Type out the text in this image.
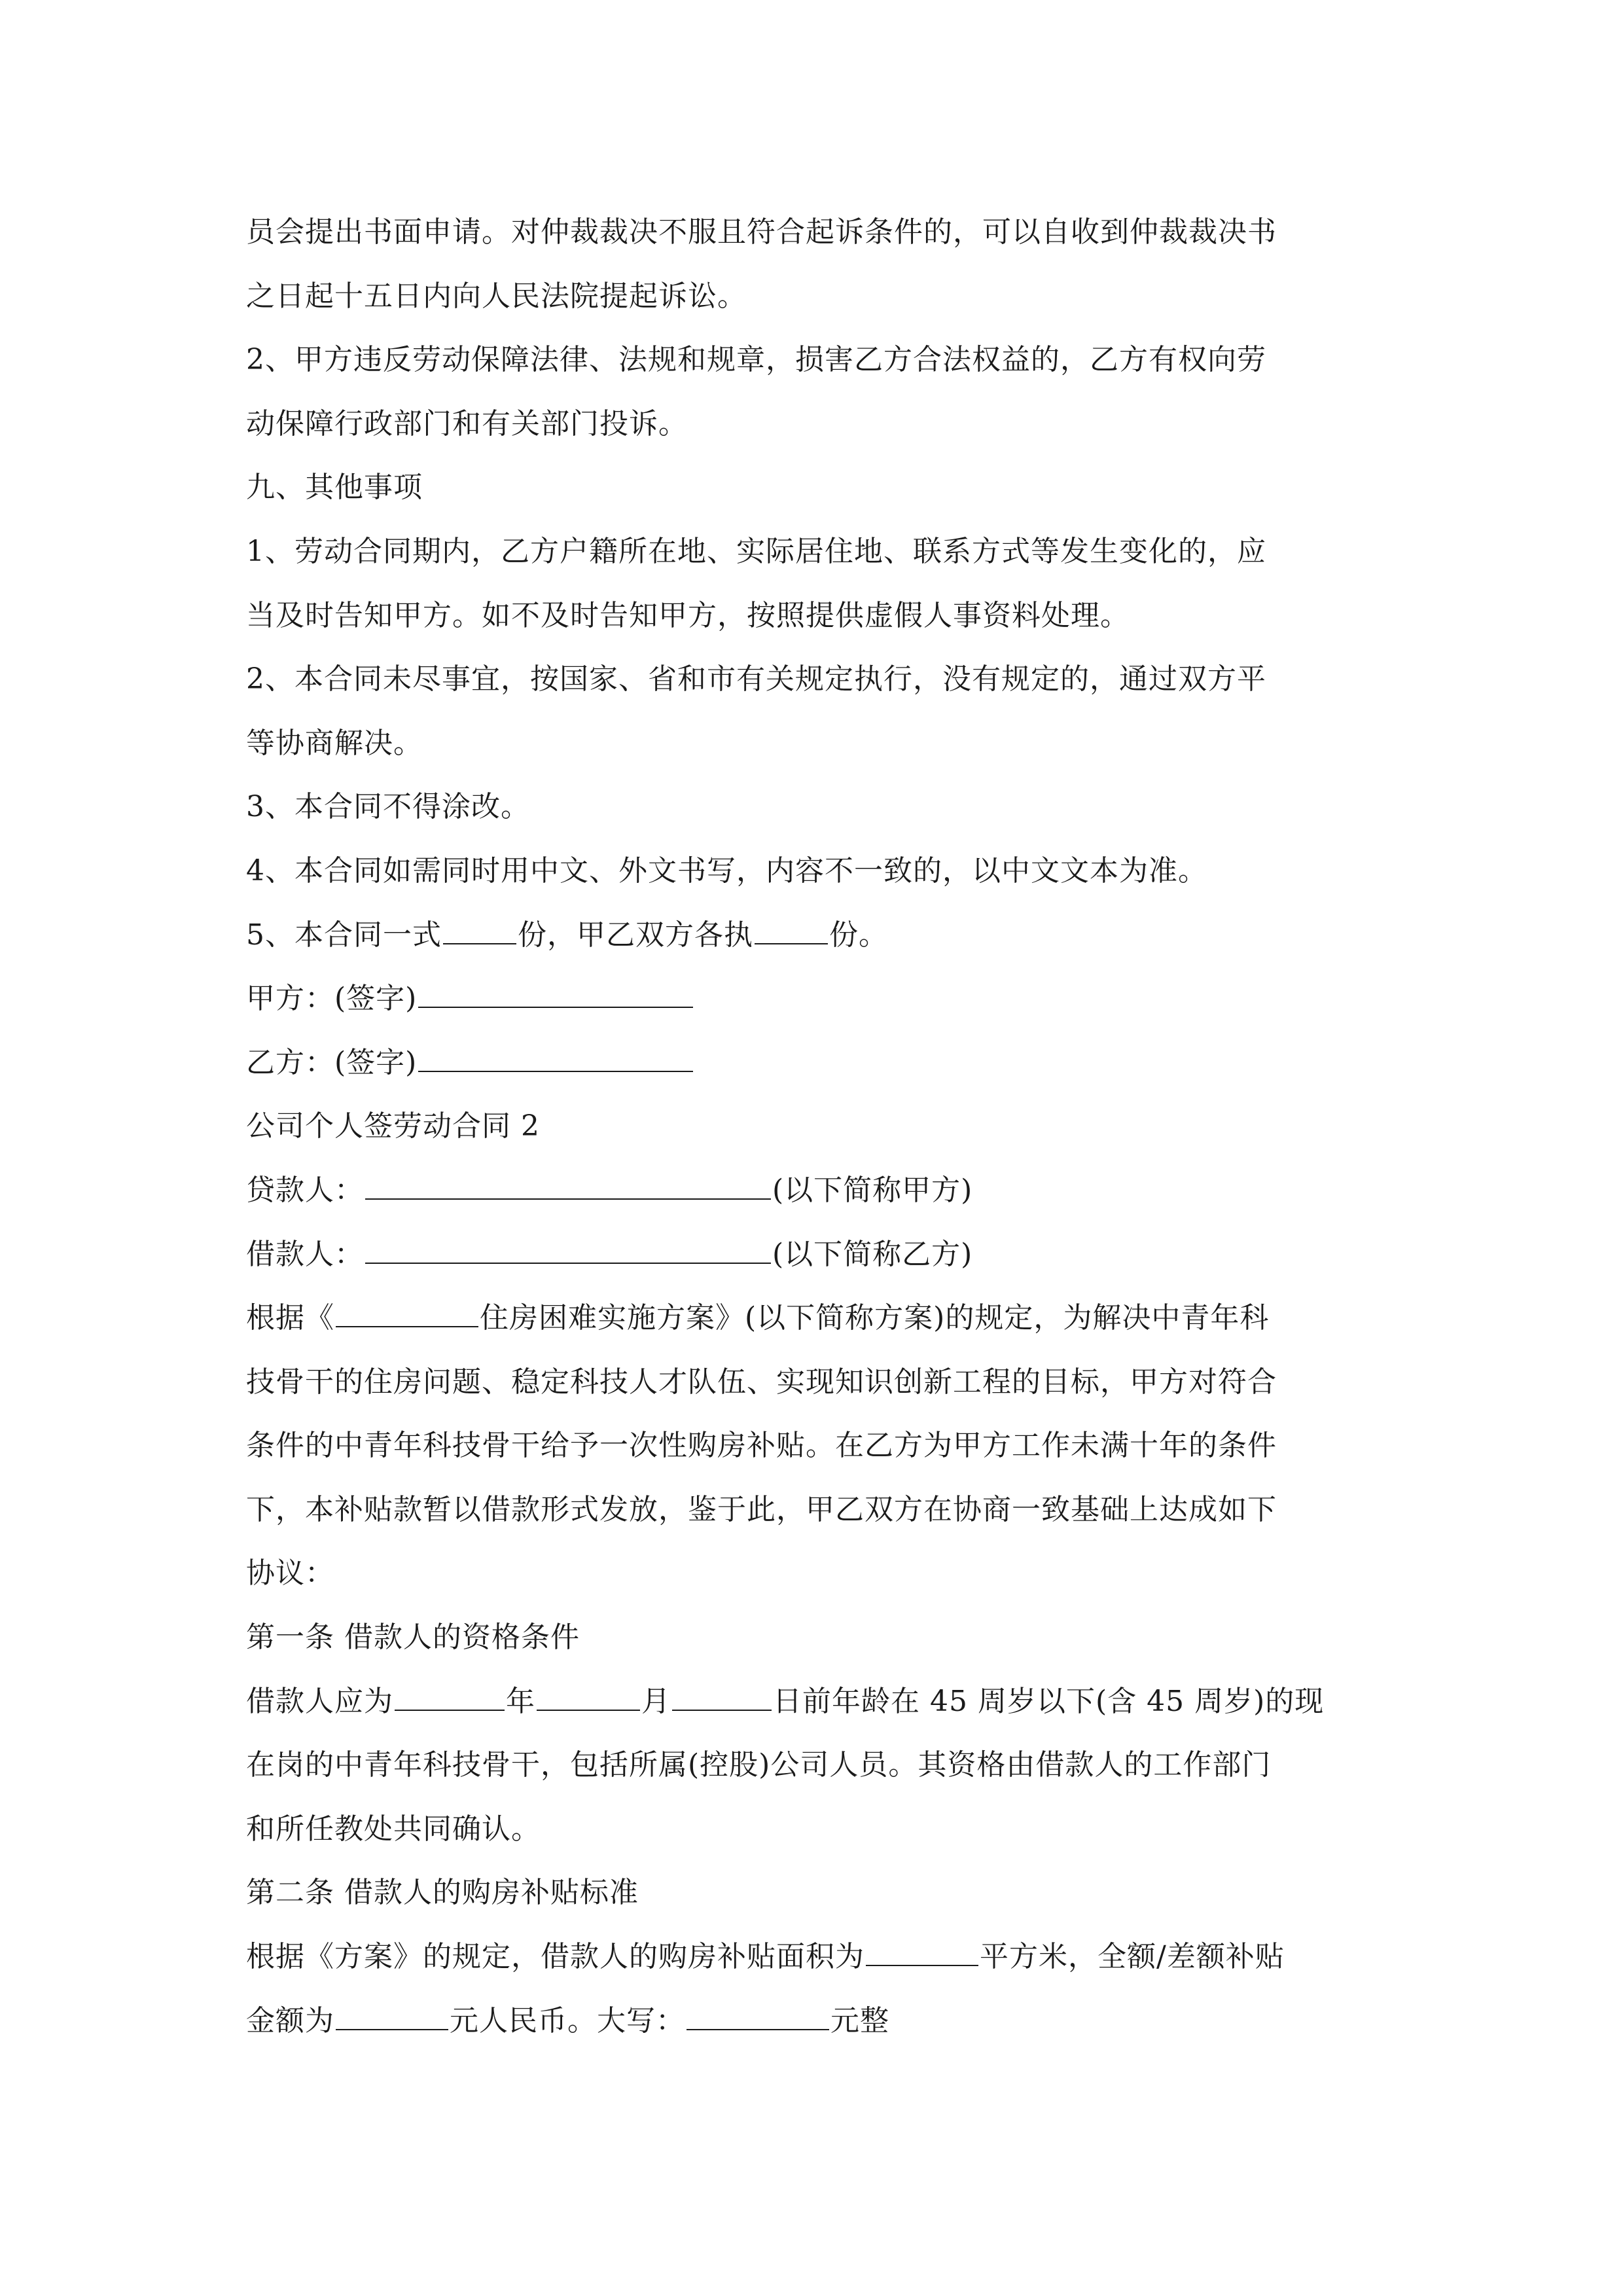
员会提出书面申请。对仲裁裁决不服且符合起诉条件的，可以自收到仲裁裁决书
之日起十五日内向人民法院提起诉讼。
2、甲方违反劳动保障法律、法规和规章，损害乙方合法权益的，乙方有权向劳
动保障行政部门和有关部门投诉。
九、其他事项
1、劳动合同期内，乙方户籍所在地、实际居住地、联系方式等发生变化的，应
当及时告知甲方。如不及时告知甲方，按照提供虚假人事资料处理。
2、本合同未尽事宜，按国家、省和市有关规定执行，没有规定的，通过双方平
等协商解决。
3、本合同不得涂改。
4、本合同如需同时用中文、外文书写，内容不一致的，以中文文本为准。
5、本合同一式	份，甲乙双方各执	份。
甲方：(签字)
乙方：(签字)
公司个人签劳动合同 2
贷款人：	(以下简称甲方)
借款人：	(以下简称乙方)
根据《	住房困难实施方案》(以下简称方案)的规定，为解决中青年科
技骨干的住房问题、稳定科技人才队伍、实现知识创新工程的目标，甲方对符合
条件的中青年科技骨干给予一次性购房补贴。在乙方为甲方工作未满十年的条件
下，本补贴款暂以借款形式发放，鉴于此，甲乙双方在协商一致基础上达成如下
协议：
第一条 借款人的资格条件
借款人应为	年	月	日前年龄在 45 周岁以下(含 45 周岁)的现
在岗的中青年科技骨干，包括所属(控股)公司人员。其资格由借款人的工作部门
和所任教处共同确认。
第二条 借款人的购房补贴标准
根据《方案》的规定，借款人的购房补贴面积为	平方米，全额/差额补贴
金额为	元人民币。大写：	元整
